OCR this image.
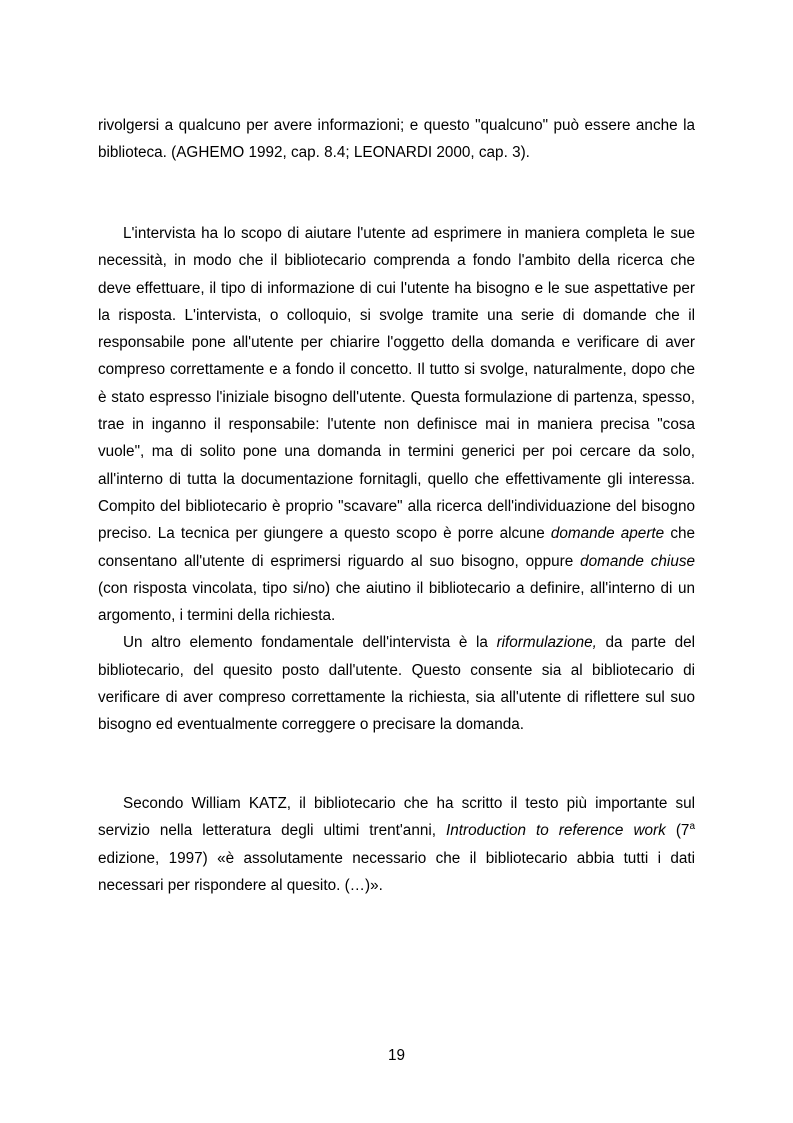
rivolgersi a qualcuno per avere informazioni; e questo "qualcuno" può essere anche la biblioteca. (AGHEMO 1992, cap. 8.4; LEONARDI 2000, cap. 3).

L'intervista ha lo scopo di aiutare l'utente ad esprimere in maniera completa le sue necessità, in modo che il bibliotecario comprenda a fondo l'ambito della ricerca che deve effettuare, il tipo di informazione di cui l'utente ha bisogno e le sue aspettative per la risposta. L'intervista, o colloquio, si svolge tramite una serie di domande che il responsabile pone all'utente per chiarire l'oggetto della domanda e verificare di aver compreso correttamente e a fondo il concetto. Il tutto si svolge, naturalmente, dopo che è stato espresso l'iniziale bisogno dell'utente. Questa formulazione di partenza, spesso, trae in inganno il responsabile: l'utente non definisce mai in maniera precisa "cosa vuole", ma di solito pone una domanda in termini generici per poi cercare da solo, all'interno di tutta la documentazione fornitagli, quello che effettivamente gli interessa. Compito del bibliotecario è proprio "scavare" alla ricerca dell'individuazione del bisogno preciso. La tecnica per giungere a questo scopo è porre alcune domande aperte che consentano all'utente di esprimersi riguardo al suo bisogno, oppure domande chiuse (con risposta vincolata, tipo si/no) che aiutino il bibliotecario a definire, all'interno di un argomento, i termini della richiesta.

Un altro elemento fondamentale dell'intervista è la riformulazione, da parte del bibliotecario, del quesito posto dall'utente. Questo consente sia al bibliotecario di verificare di aver compreso correttamente la richiesta, sia all'utente di riflettere sul suo bisogno ed eventualmente correggere o precisare la domanda.

Secondo William KATZ, il bibliotecario che ha scritto il testo più importante sul servizio nella letteratura degli ultimi trent'anni, Introduction to reference work (7$^a$ edizione, 1997) «è assolutamente necessario che il bibliotecario abbia tutti i dati necessari per rispondere al quesito. (…)».

19
